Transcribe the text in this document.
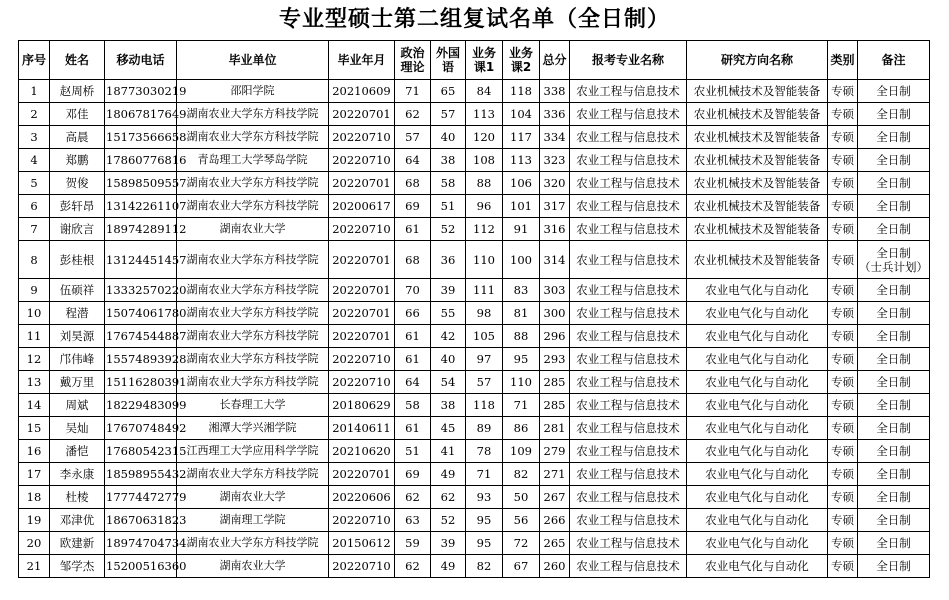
专业型硕士第二组复试名单（全日制）
序号	姓名	移动电话	毕业单位	毕业年月	政治理论	外国语	业务课1	业务课2	总分	报考专业名称	研究方向名称	类别	备注
1	赵周桥	18773030219	邵阳学院	20210609	71	65	84	118	338	农业工程与信息技术	农业机械技术及智能装备	专硕	全日制
2	邓佳	18067817649	湖南农业大学东方科技学院	20220701	62	57	113	104	336	农业工程与信息技术	农业机械技术及智能装备	专硕	全日制
3	高晨	15173566658	湖南农业大学东方科技学院	20220710	57	40	120	117	334	农业工程与信息技术	农业机械技术及智能装备	专硕	全日制
4	郑鹏	17860776816	青岛理工大学琴岛学院	20220710	64	38	108	113	323	农业工程与信息技术	农业机械技术及智能装备	专硕	全日制
5	贺俊	15898509557	湖南农业大学东方科技学院	20220701	68	58	88	106	320	农业工程与信息技术	农业机械技术及智能装备	专硕	全日制
6	彭轩昂	13142261107	湖南农业大学东方科技学院	20200617	69	51	96	101	317	农业工程与信息技术	农业机械技术及智能装备	专硕	全日制
7	谢欣言	18974289112	湖南农业大学	20220710	61	52	112	91	316	农业工程与信息技术	农业机械技术及智能装备	专硕	全日制
8	彭桂根	13124451457	湖南农业大学东方科技学院	20220701	68	36	110	100	314	农业工程与信息技术	农业机械技术及智能装备	专硕	全日制
（士兵计划）

9	伍硕祥	13332570220	湖南农业大学东方科技学院	20220701	70	39	111	83	303	农业工程与信息技术	农业电气化与自动化	专硕	全日制
10	程潜	15074061780	湖南农业大学东方科技学院	20220701	66	55	98	81	300	农业工程与信息技术	农业电气化与自动化	专硕	全日制
11	刘昊源	17674544887	湖南农业大学东方科技学院	20220701	61	42	105	88	296	农业工程与信息技术	农业电气化与自动化	专硕	全日制
12	邝伟峰	15574893928	湖南农业大学东方科技学院	20220710	61	40	97	95	293	农业工程与信息技术	农业电气化与自动化	专硕	全日制
13	戴万里	15116280391	湖南农业大学东方科技学院	20220710	64	54	57	110	285	农业工程与信息技术	农业电气化与自动化	专硕	全日制
14	周斌	18229483099	长春理工大学	20180629	58	38	118	71	285	农业工程与信息技术	农业电气化与自动化	专硕	全日制
15	吴灿	17670748492	湘潭大学兴湘学院	20140611	61	45	89	86	281	农业工程与信息技术	农业电气化与自动化	专硕	全日制
16	潘恺	17680542315	江西理工大学应用科学学院	20210620	51	41	78	109	279	农业工程与信息技术	农业电气化与自动化	专硕	全日制
17	李永康	18598955432	湖南农业大学东方科技学院	20220701	69	49	71	82	271	农业工程与信息技术	农业电气化与自动化	专硕	全日制
18	杜棱	17774472779	湖南农业大学	20220606	62	62	93	50	267	农业工程与信息技术	农业电气化与自动化	专硕	全日制
19	邓津优	18670631823	湖南理工学院	20220710	63	52	95	56	266	农业工程与信息技术	农业电气化与自动化	专硕	全日制
20	欧建新	18974704734	湖南农业大学东方科技学院	20150612	59	39	95	72	265	农业工程与信息技术	农业电气化与自动化	专硕	全日制
21	邹学杰	15200516360	湖南农业大学	20220710	62	49	82	67	260	农业工程与信息技术	农业电气化与自动化	专硕	全日制
